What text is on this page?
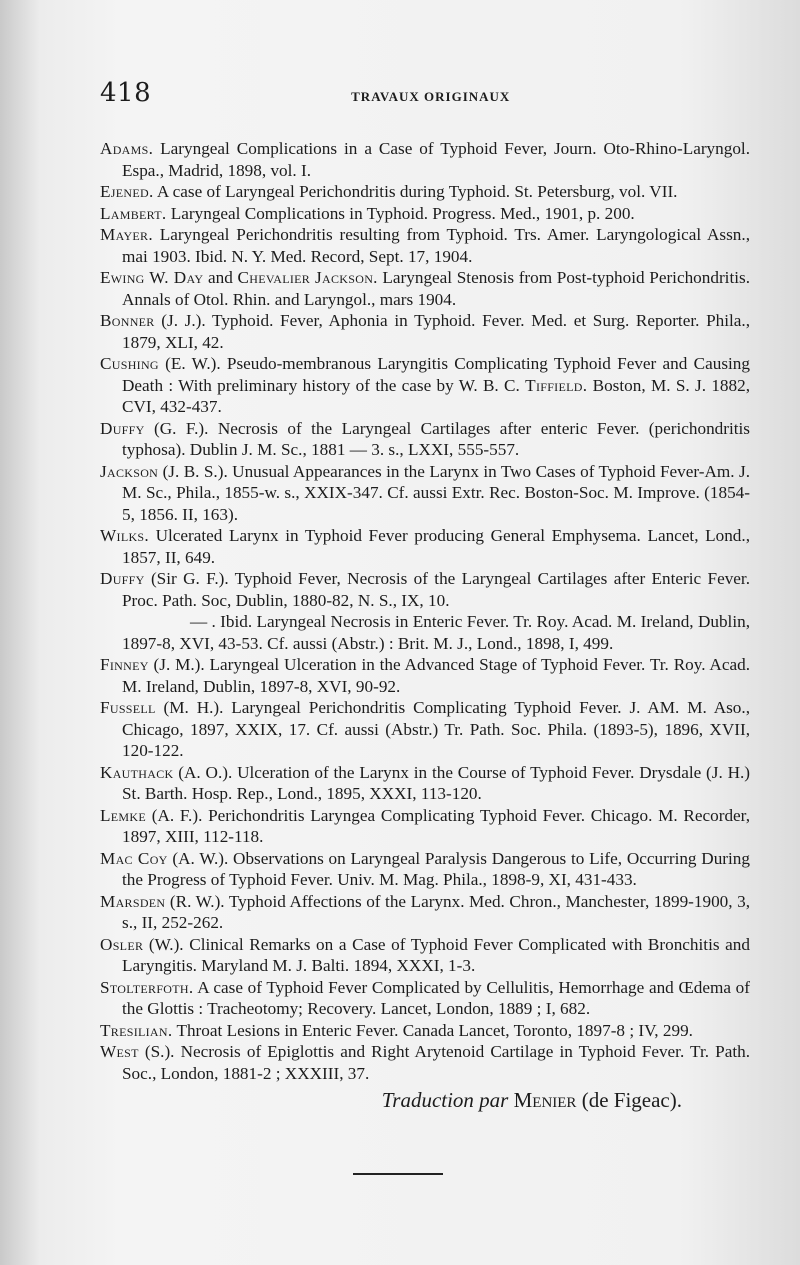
418	TRAVAUX ORIGINAUX

Adams. Laryngeal Complications in a Case of Typhoid Fever, Journ. Oto-Rhino-Laryngol. Espa., Madrid, 1898, vol. I.

Ejened. A case of Laryngeal Perichondritis during Typhoid. St. Petersburg, vol. VII.

Lambert. Laryngeal Complications in Typhoid. Progress. Med., 1901, p. 200.

Mayer. Laryngeal Perichondritis resulting from Typhoid. Trs. Amer. Laryngological Assn., mai 1903. Ibid. N. Y. Med. Record, Sept. 17, 1904.

Ewing W. Day and Chevalier Jackson. Laryngeal Stenosis from Post-typhoid Perichondritis. Annals of Otol. Rhin. and Laryngol., mars 1904.

Bonner (J. J.). Typhoid. Fever, Aphonia in Typhoid. Fever. Med. et Surg. Reporter. Phila., 1879, XLI, 42.

Cushing (E. W.). Pseudo-membranous Laryngitis Complicating Typhoid Fever and Causing Death : With preliminary history of the case by W. B. C. Tiffield. Boston, M. S. J. 1882, CVI, 432-437.

Duffy (G. F.). Necrosis of the Laryngeal Cartilages after enteric Fever. (perichondritis typhosa). Dublin J. M. Sc., 1881 — 3. s., LXXI, 555-557.

Jackson (J. B. S.). Unusual Appearances in the Larynx in Two Cases of Typhoid Fever-Am. J. M. Sc., Phila., 1855-w. s., XXIX-347. Cf. aussi Extr. Rec. Boston-Soc. M. Improve. (1854-5, 1856. II, 163).

Wilks. Ulcerated Larynx in Typhoid Fever producing General Emphysema. Lancet, Lond., 1857, II, 649.

Duffy (Sir G. F.). Typhoid Fever, Necrosis of the Laryngeal Cartilages after Enteric Fever. Proc. Path. Soc, Dublin, 1880-82, N. S., IX, 10.

— . Ibid. Laryngeal Necrosis in Enteric Fever. Tr. Roy. Acad. M. Ireland, Dublin, 1897-8, XVI, 43-53. Cf. aussi (Abstr.) : Brit. M. J., Lond., 1898, I, 499.

Finney (J. M.). Laryngeal Ulceration in the Advanced Stage of Typhoid Fever. Tr. Roy. Acad. M. Ireland, Dublin, 1897-8, XVI, 90-92.

Fussell (M. H.). Laryngeal Perichondritis Complicating Typhoid Fever. J. AM. M. Aso., Chicago, 1897, XXIX, 17. Cf. aussi (Abstr.) Tr. Path. Soc. Phila. (1893-5), 1896, XVII, 120-122.

Kauthack (A. O.). Ulceration of the Larynx in the Course of Typhoid Fever. Drysdale (J. H.) St. Barth. Hosp. Rep., Lond., 1895, XXXI, 113-120.

Lemke (A. F.). Perichondritis Laryngea Complicating Typhoid Fever. Chicago. M. Recorder, 1897, XIII, 112-118.

Mac Coy (A. W.). Observations on Laryngeal Paralysis Dangerous to Life, Occurring During the Progress of Typhoid Fever. Univ. M. Mag. Phila., 1898-9, XI, 431-433.

Marsden (R. W.). Typhoid Affections of the Larynx. Med. Chron., Manchester, 1899-1900, 3, s., II, 252-262.

Osler (W.). Clinical Remarks on a Case of Typhoid Fever Complicated with Bronchitis and Laryngitis. Maryland M. J. Balti. 1894, XXXI, 1-3.

Stolterfoth. A case of Typhoid Fever Complicated by Cellulitis, Hemorrhage and Œdema of the Glottis : Tracheotomy; Recovery. Lancet, London, 1889 ; I, 682.

Tresilian. Throat Lesions in Enteric Fever. Canada Lancet, Toronto, 1897-8 ; IV, 299.

West (S.). Necrosis of Epiglottis and Right Arytenoid Cartilage in Typhoid Fever. Tr. Path. Soc., London, 1881-2 ; XXXIII, 37.

Traduction par Menier (de Figeac).
